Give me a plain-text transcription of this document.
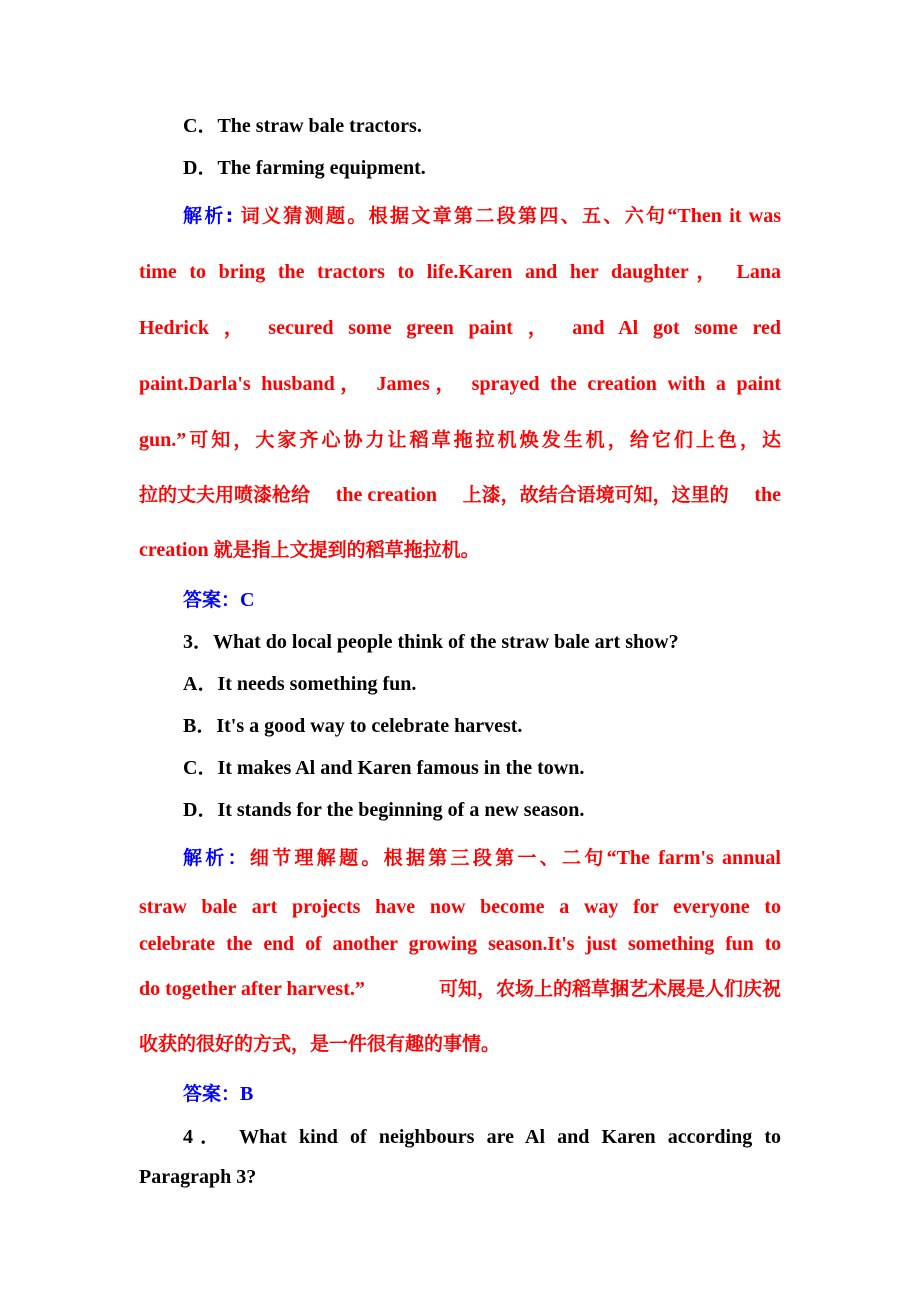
C．The straw bale tractors.
D．The farming equipment.
解析: 词义猜测题。根据文章第二段第四、五、六句“Then it was
time to bring the tractors to life.Karen and her daughter， Lana
Hedrick ， secured some green paint ， and Al got some red
paint.Darla's husband， James， sprayed the creation with a paint
gun.”可知，大家齐心协力让稻草拖拉机焕发生机，给它们上色，达
拉的丈夫用喷漆枪给 the creation 上漆，故结合语境可知，这里的 the
creation 就是指上文提到的稻草拖拉机。
答案：C
3．What do local people think of the straw bale art show?
A．It needs something fun.
B．It's a good way to celebrate harvest.
C．It makes Al and Karen famous in the town.
D．It stands for the beginning of a new season.
解析：细节理解题。根据第三段第一、二句“The farm's annual
straw bale art projects have now become a way for everyone to
celebrate the end of another growing season.It's just something fun to
do together after harvest.”	可知，农场上的稻草捆艺术展是人们庆祝
收获的很好的方式，是一件很有趣的事情。
答案：B
4． What kind of neighbours are Al and Karen according to
Paragraph 3?
